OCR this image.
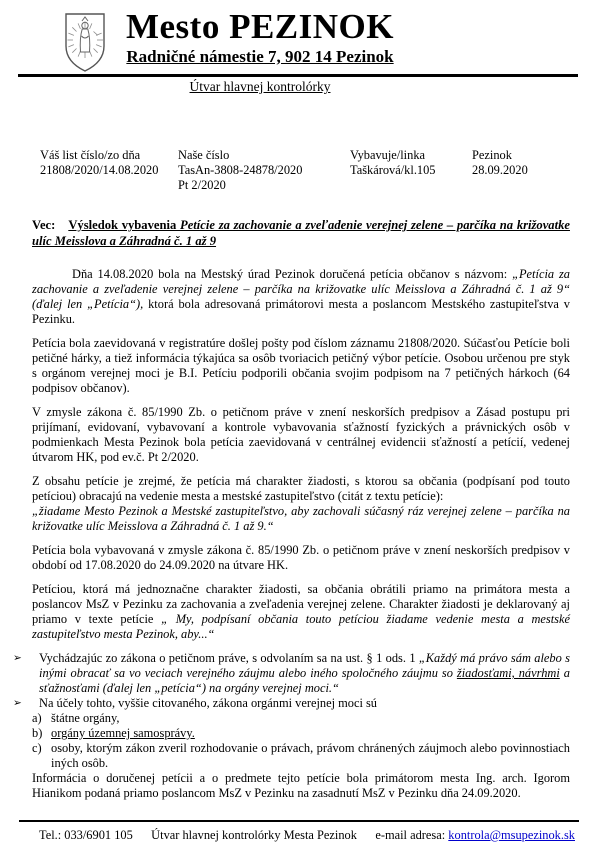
Mesto PEZINOK
Radničné námestie 7, 902 14 Pezinok
Útvar hlavnej kontrolórky
Váš list číslo/zo dňa
21808/2020/14.08.2020
Naše číslo
TasAn-3808-24878/2020
Pt 2/2020
Vybavuje/linka
Taškárová/kl.105
Pezinok
28.09.2020

Vec: Výsledok vybavenia Petície za zachovanie a zveľadenie verejnej zelene – parčíka na križovatke ulíc Meisslova a Záhradná č. 1 až 9

Dňa 14.08.2020 bola na Mestský úrad Pezinok doručená petícia občanov s názvom: „Petícia za zachovanie a zveľadenie verejnej zelene – parčíka na križovatke ulíc Meisslova a Záhradná č. 1 až 9“ (ďalej len „Petícia“), ktorá bola adresovaná primátorovi mesta a poslancom Mestského zastupiteľstva v Pezinku.
Petícia bola zaevidovaná v registratúre došlej pošty pod číslom záznamu 21808/2020. Súčasťou Petície boli petičné hárky, a tiež informácia týkajúca sa osôb tvoriacich petičný výbor petície. Osobou určenou pre styk s orgánom verejnej moci je B.I. Petíciu podporili občania svojim podpisom na 7 petičných hárkoch (64 podpisov občanov).
V zmysle zákona č. 85/1990 Zb. o petičnom práve v znení neskorších predpisov a Zásad postupu pri prijímaní, evidovaní, vybavovaní a kontrole vybavovania sťažností fyzických a právnických osôb v podmienkach Mesta Pezinok bola petícia zaevidovaná v centrálnej evidencii sťažností a petícií, vedenej útvarom HK, pod ev.č. Pt 2/2020.
Z obsahu petície je zrejmé, že petícia má charakter žiadosti, s ktorou sa občania (podpísaní pod touto petíciou) obracajú na vedenie mesta a mestské zastupiteľstvo (citát z textu petície):
„žiadame Mesto Pezinok a Mestské zastupiteľstvo, aby zachovali súčasný ráz verejnej zelene – parčíka na križovatke ulíc Meisslova a Záhradná č. 1 až 9.“
Petícia bola vybavovaná v zmysle zákona č. 85/1990 Zb. o petičnom práve v znení neskorších predpisov v období od 17.08.2020 do 24.09.2020 na útvare HK.
Petíciou, ktorá má jednoznačne charakter žiadosti, sa občania obrátili priamo na primátora mesta a poslancov MsZ v Pezinku za zachovania a zveľadenia verejnej zelene. Charakter žiadosti je deklarovaný aj priamo v texte petície „ My, podpísaní občania touto petíciou žiadame vedenie mesta a mestské zastupiteľstvo mesta Pezinok, aby...“
➢ Vychádzajúc zo zákona o petičnom práve, s odvolaním sa na ust. § 1 ods. 1 „Každý má právo sám alebo s inými obracať sa vo veciach verejného záujmu alebo iného spoločného záujmu so žiadosťami, návrhmi a sťažnosťami (ďalej len „petícia“) na orgány verejnej moci.“
➢ Na účely tohto, vyššie citovaného, zákona orgánmi verejnej moci sú
a) štátne orgány,
b) orgány územnej samosprávy.
c) osoby, ktorým zákon zveril rozhodovanie o právach, právom chránených záujmoch alebo povinnostiach iných osôb.
Informácia o doručenej petícii a o predmete tejto petície bola primátorom mesta Ing. arch. Igorom Hianikom podaná priamo poslancom MsZ v Pezinku na zasadnutí MsZ v Pezinku dňa 24.09.2020.
Tel.: 033/6901 105 Útvar hlavnej kontrolórky Mesta Pezinok e-mail adresa: kontrola@msupezinok.sk
